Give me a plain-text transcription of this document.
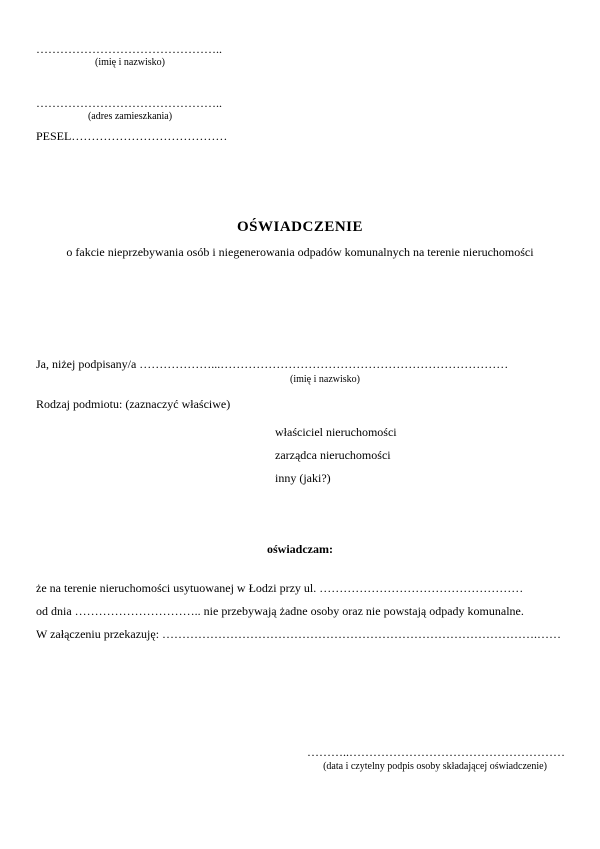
………………………………………..
(imię i nazwisko)
………………………………………..
(adres zamieszkania)
PESEL…………………………………
OŚWIADCZENIE
o fakcie nieprzebywania osób i niegenerowania odpadów komunalnych na terenie nieruchomości
Ja, niżej podpisany/a ………………...………………………………………………………………
(imię i nazwisko)
Rodzaj podmiotu: (zaznaczyć właściwe)
właściciel nieruchomości
zarządca nieruchomości
inny (jaki?)
oświadczam:
że na terenie nieruchomości usytuowanej w Łodzi przy ul. ……………………………………………
od dnia ………………………….. nie przebywają żadne osoby oraz nie powstają odpady komunalne.
W załączeniu przekazuję: ………………………………………………………………………………….……
………..………………………………………………
(data i czytelny podpis osoby składającej oświadczenie)
